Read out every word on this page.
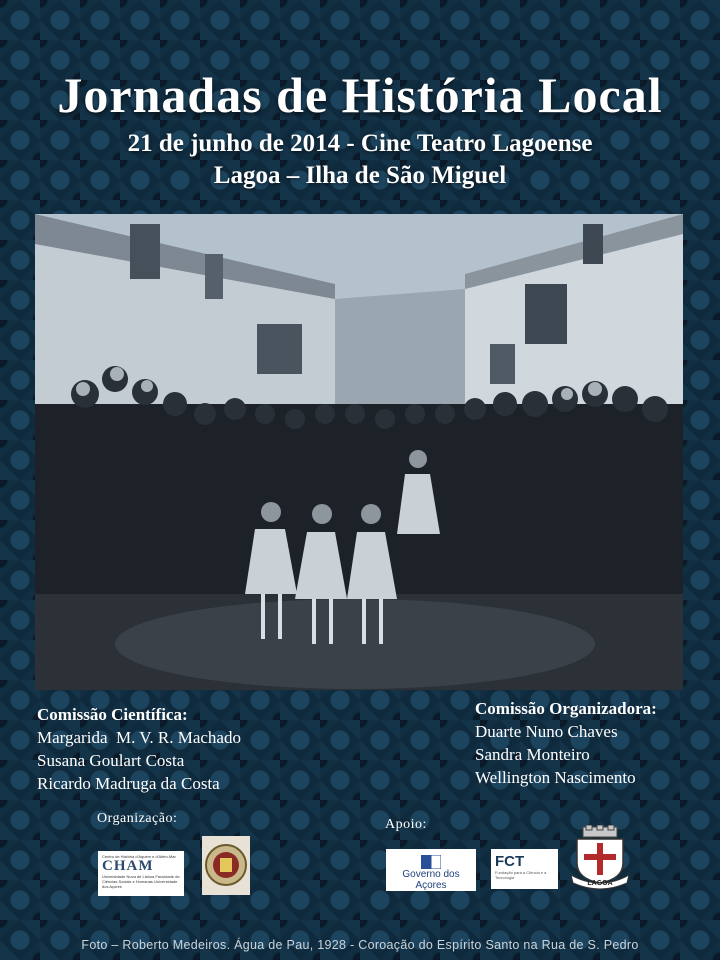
Jornadas de História Local

21 de junho de 2014 - Cine Teatro Lagoense

Lagoa – Ilha de São Miguel

Comissão Científica:

Margarida  M. V. R. Machado
Susana Goulart Costa
Ricardo Madruga da Costa

Comissão Organizadora:

Duarte Nuno Chaves
Sandra Monteiro
Wellington Nascimento

Organização:	Apoio:

Centro de História d'Aquém e d'Além-Mar
CHAM
Universidade Nova de Lisboa Faculdade de Ciências Sociais e Humanas Universidade dos Açores
Governo dos Açores
FCT
Fundação para a Ciência e a Tecnologia
LAGOA

Foto – Roberto Medeiros. Água de Pau, 1928 - Coroação do Espírito Santo na Rua de S. Pedro
